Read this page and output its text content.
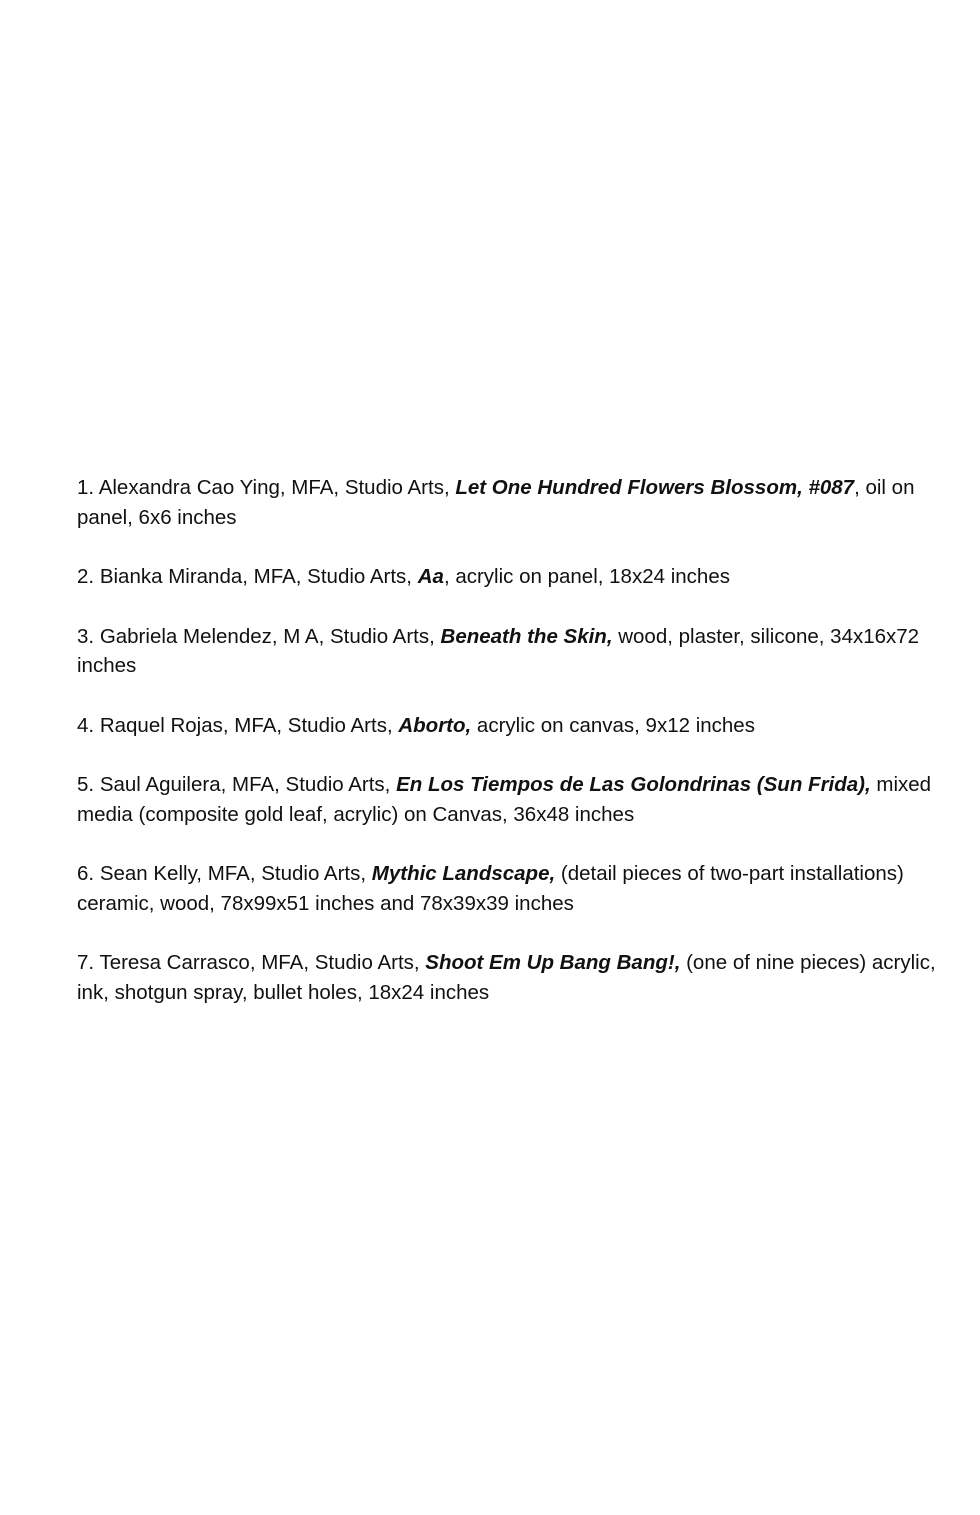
1. Alexandra Cao Ying, MFA, Studio Arts, Let One Hundred Flowers Blossom, #087, oil on panel, 6x6 inches

2. Bianka Miranda, MFA, Studio Arts, Aa, acrylic on panel, 18x24 inches

3. Gabriela Melendez, M A, Studio Arts, Beneath the Skin, wood, plaster, silicone, 34x16x72 inches

4. Raquel Rojas, MFA, Studio Arts, Aborto, acrylic on canvas, 9x12 inches

5. Saul Aguilera, MFA, Studio Arts, En Los Tiempos de Las Golondrinas (Sun Frida), mixed media (composite gold leaf, acrylic) on Canvas, 36x48 inches

6. Sean Kelly, MFA, Studio Arts, Mythic Landscape, (detail pieces of two-part installations) ceramic, wood, 78x99x51 inches and 78x39x39 inches

7. Teresa Carrasco, MFA, Studio Arts, Shoot Em Up Bang Bang!, (one of nine pieces) acrylic, ink, shotgun spray, bullet holes, 18x24 inches
